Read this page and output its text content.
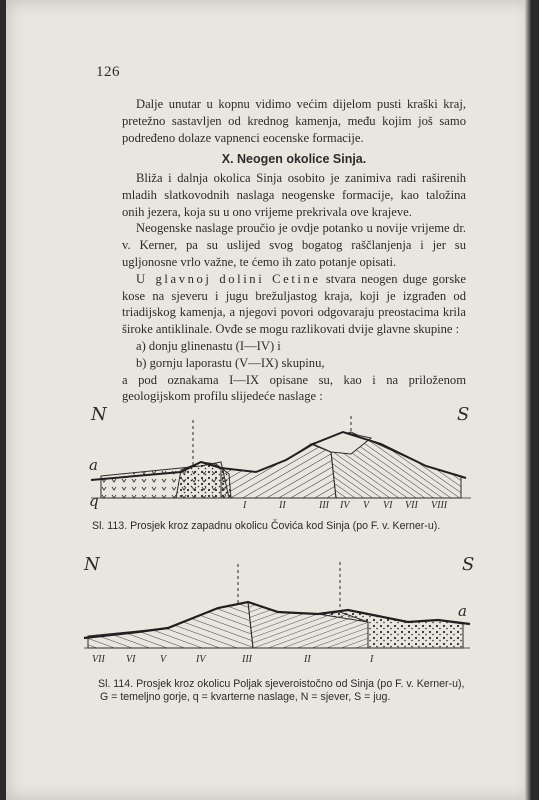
126

Dalje unutar u kopnu vidimo većim dijelom pusti kraški kraj, pretežno sastavljen od krednog kamenja, među kojim još samo podređeno dolaze vapnenci eocenske formacije.

X. Neogen okolice Sinja.

Bliža i dalnja okolica Sinja osobito je zanimiva radi raširenih mladih slatkovodnih naslaga neogenske formacije, kao taložina onih jezera, koja su u ono vrijeme prekrivala ove krajeve.

Neogenske naslage proučio je ovdje potanko u novije vrijeme dr. v. Kerner, pa su uslijed svog bogatog raščlanjenja i jer su ugljonosne vrlo važne, te ćemo ih zato potanje opisati.

U glavnoj dolini Cetine stvara neogen duge gorske kose na sjeveru i jugu brežuljastog kraja, koji je izgrađen od triadijskog kamenja, a njegovi povori odgovaraju preostacima krila široke antiklinale. Ovđe se mogu razlikovati dvije glavne skupine :

a) donju glinenastu (I—IV) i

b) gornju laporastu (V—IX) skupinu,

a pod oznakama I—IX opisane su, kao i na priloženom geologijskom profilu slijedeće naslage :

N	S
a
q	I	II	III IV V VI VII VIII
Sl. 113. Prosjek kroz zapadnu okolicu Čovića kod Sinja (po F. v. Kerner-u).
N	S
a
VII VI V	IV	III	II	I
Sl. 114. Prosjek kroz okolicu Poljak sjeveroistočno od Sinja (po F. v. Kerner-u),
G = temeljno gorje, q = kvarterne naslage, N = sjever, S = jug.
